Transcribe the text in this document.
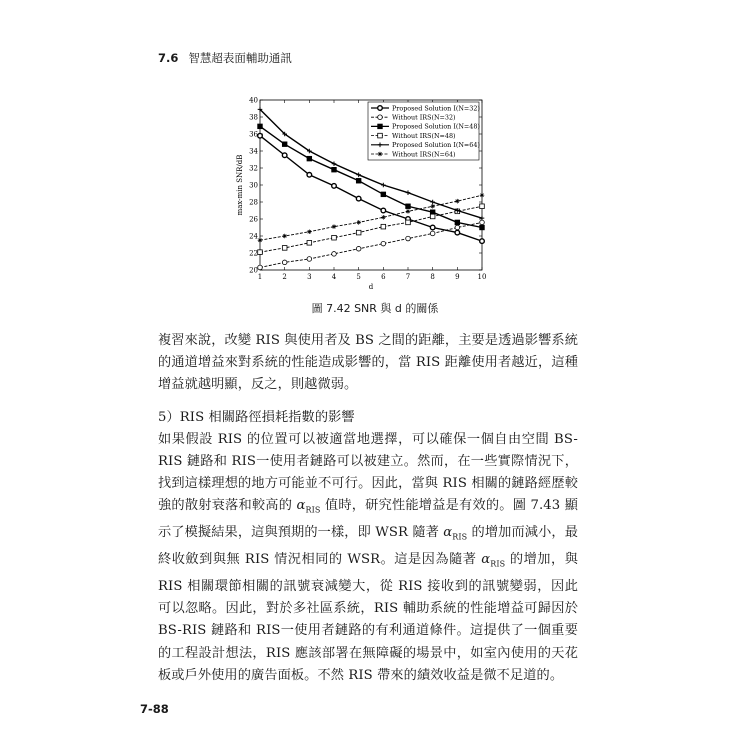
7.6 智慧超表面輔助通訊
1	2	3	4	5	6	7	8	9	10
20
22
24
26
28
30
32
34
36
38
40
d
max-min SNR/dB
Proposed Solution I(N=32)
Without IRS(N=32)
Proposed Solution I(N=48)
Without IRS(N=48)
Proposed Solution I(N=64)
Without IRS(N=64)
圖 7.42 SNR 與 d 的關係

複習來說，改變 RIS 與使用者及 BS 之間的距離，主要是透過影響系統的通道增益來對系統的性能造成影響的，當 RIS 距離使用者越近，這種增益就越明顯，反之，則越微弱。

5）RIS 相關路徑損耗指數的影響

如果假設 RIS 的位置可以被適當地選擇，可以確保一個自由空間 BS-RIS 鏈路和 RIS一使用者鏈路可以被建立。然而，在一些實際情況下，找到這樣理想的地方可能並不可行。因此，當與 RIS 相關的鏈路經歷較強的散射衰落和較高的 $\alpha_{RIS}$ 值時，研究性能增益是有效的。圖 7.43 顯示了模擬結果，這與預期的一樣，即 WSR 隨著 $\alpha_{RIS}$ 的增加而減小，最終收斂到與無 RIS 情況相同的 WSR。這是因為隨著 $\alpha_{RIS}$ 的增加，與 RIS 相關環節相關的訊號衰減變大，從 RIS 接收到的訊號變弱，因此可以忽略。因此，對於多社區系統，RIS 輔助系統的性能增益可歸因於 BS-RIS 鏈路和 RIS一使用者鏈路的有利通道條件。這提供了一個重要的工程設計想法，RIS 應該部署在無障礙的場景中，如室內使用的天花板或戶外使用的廣告面板。不然 RIS 帶來的績效收益是微不足道的。

7-88
